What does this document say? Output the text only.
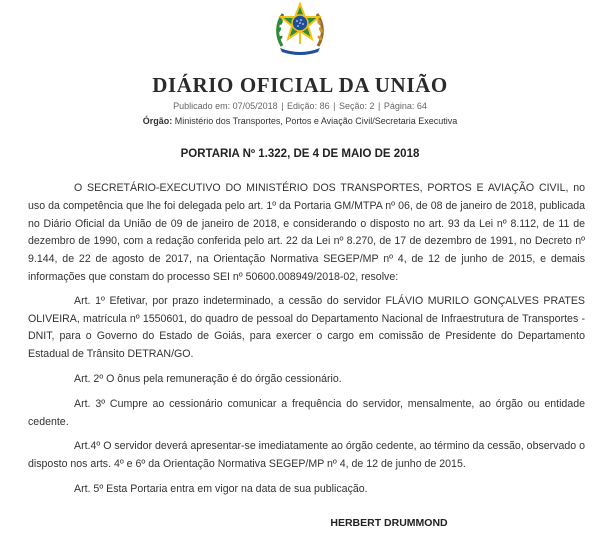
DIÁRIO OFICIAL DA UNIÃO
Publicado em: 07/05/2018 | Edição: 86 | Seção: 2 | Página: 64
Órgão: Ministério dos Transportes, Portos e Aviação Civil/Secretaria Executiva
PORTARIA Nº 1.322, DE 4 DE MAIO DE 2018

O SECRETÁRIO-EXECUTIVO DO MINISTÉRIO DOS TRANSPORTES, PORTOS E AVIAÇÃO CIVIL, no uso da competência que lhe foi delegada pelo art. 1º da Portaria GM/MTPA nº 06, de 08 de janeiro de 2018, publicada no Diário Oficial da União de 09 de janeiro de 2018, e considerando o disposto no art. 93 da Lei nº 8.112, de 11 de dezembro de 1990, com a redação conferida pelo art. 22 da Lei nº 8.270, de 17 de dezembro de 1991, no Decreto nº 9.144, de 22 de agosto de 2017, na Orientação Normativa SEGEP/MP nº 4, de 12 de junho de 2015, e demais informações que constam do processo SEI nº 50600.008949/2018-02, resolve:

Art. 1º Efetivar, por prazo indeterminado, a cessão do servidor FLÁVIO MURILO GONÇALVES PRATES OLIVEIRA, matrícula nº 1550601, do quadro de pessoal do Departamento Nacional de Infraestrutura de Transportes - DNIT, para o Governo do Estado de Goiás, para exercer o cargo em comissão de Presidente do Departamento Estadual de Trânsito DETRAN/GO.

Art. 2º O ônus pela remuneração é do órgão cessionário.

Art. 3º Cumpre ao cessionário comunicar a frequência do servidor, mensalmente, ao órgão ou entidade cedente.

Art.4º O servidor deverá apresentar-se imediatamente ao órgão cedente, ao término da cessão, observado o disposto nos arts. 4º e 6º da Orientação Normativa SEGEP/MP nº 4, de 12 de junho de 2015.

Art. 5º Esta Portaria entra em vigor na data de sua publicação.

HERBERT DRUMMOND
